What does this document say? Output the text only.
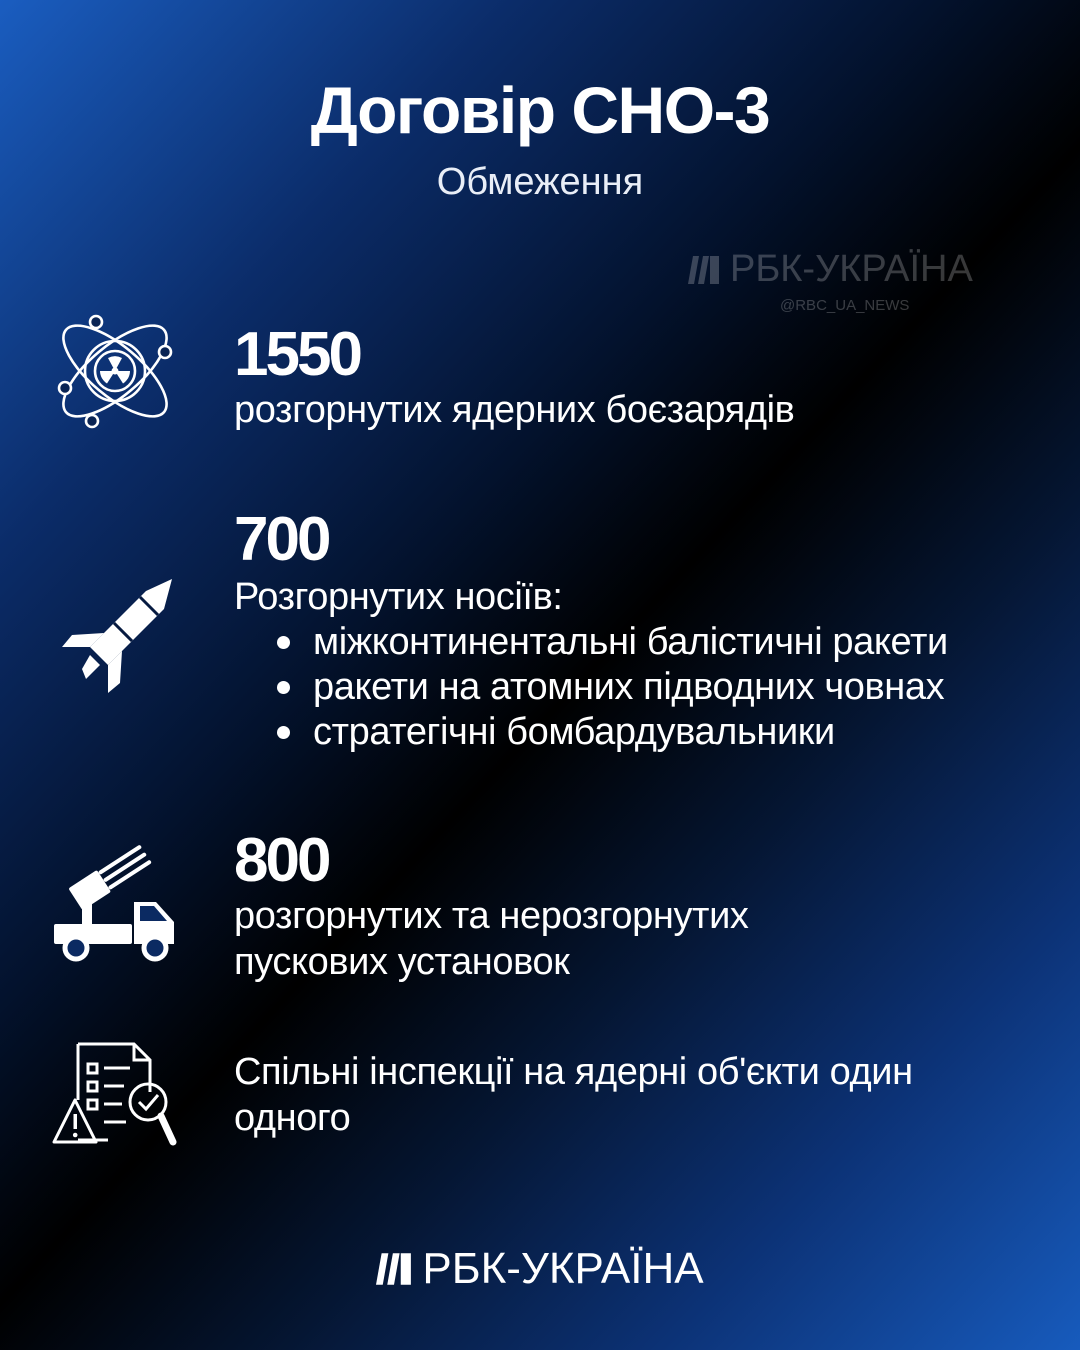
Договір СНО-3
Обмеження
РБК-УКРАЇНА
@RBC_UA_NEWS
1550
розгорнутих ядерних боєзарядів
700
Розгорнутих носіїв:
міжконтинентальні балістичні ракети
ракети на атомних підводних човнах
стратегічні бомбардувальники
800
розгорнутих та нерозгорнутих
пускових установок
Спільні інспекції на ядерні об'єкти один
одного
РБК-УКРАЇНА
